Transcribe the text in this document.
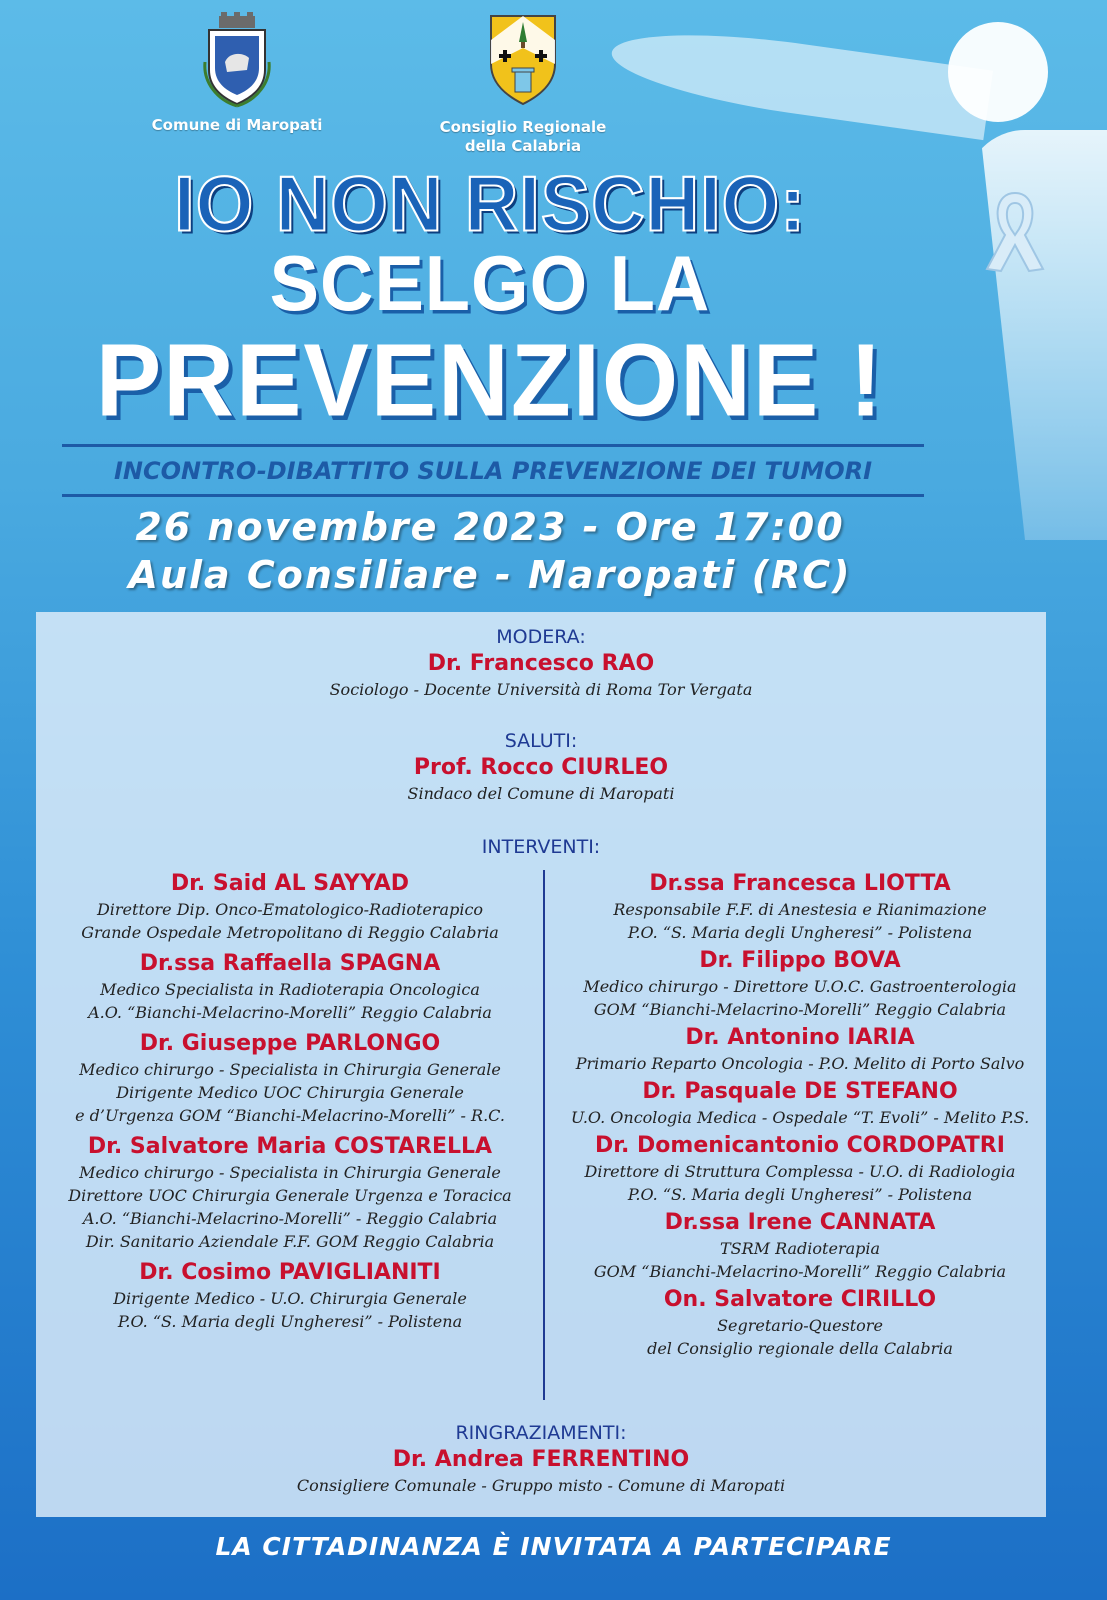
Comune di Maropati	Consiglio Regionale
della Calabria
IO NON RISCHIO:
SCELGO LA
PREVENZIONE !
INCONTRO-DIBATTITO SULLA PREVENZIONE DEI TUMORI
26 novembre 2023 - Ore 17:00
Aula Consiliare - Maropati (RC)
MODERA:
Dr. Francesco RAO
Sociologo - Docente Università di Roma Tor Vergata
SALUTI:
Prof. Rocco CIURLEO
Sindaco del Comune di Maropati
INTERVENTI:
Dr. Said AL SAYYAD
Direttore Dip. Onco-Ematologico-Radioterapico
Grande Ospedale Metropolitano di Reggio Calabria
Dr.ssa Raffaella SPAGNA
Medico Specialista in Radioterapia Oncologica
A.O. “Bianchi-Melacrino-Morelli” Reggio Calabria
Dr. Giuseppe PARLONGO
Medico chirurgo - Specialista in Chirurgia Generale
Dirigente Medico UOC Chirurgia Generale
e d’Urgenza GOM “Bianchi-Melacrino-Morelli” - R.C.
Dr. Salvatore Maria COSTARELLA
Medico chirurgo - Specialista in Chirurgia Generale
Direttore UOC Chirurgia Generale Urgenza e Toracica
A.O. “Bianchi-Melacrino-Morelli” - Reggio Calabria
Dir. Sanitario Aziendale F.F. GOM Reggio Calabria
Dr. Cosimo PAVIGLIANITI
Dirigente Medico - U.O. Chirurgia Generale
P.O. “S. Maria degli Ungheresi” - Polistena
Dr.ssa Francesca LIOTTA
Responsabile F.F. di Anestesia e Rianimazione
P.O. “S. Maria degli Ungheresi” - Polistena
Dr. Filippo BOVA
Medico chirurgo - Direttore U.O.C. Gastroenterologia
GOM “Bianchi-Melacrino-Morelli” Reggio Calabria
Dr. Antonino IARIA
Primario Reparto Oncologia - P.O. Melito di Porto Salvo
Dr. Pasquale DE STEFANO
U.O. Oncologia Medica - Ospedale “T. Evoli” - Melito P.S.
Dr. Domenicantonio CORDOPATRI
Direttore di Struttura Complessa - U.O. di Radiologia
P.O. “S. Maria degli Ungheresi” - Polistena
Dr.ssa Irene CANNATA
TSRM Radioterapia
GOM “Bianchi-Melacrino-Morelli” Reggio Calabria
On. Salvatore CIRILLO
Segretario-Questore
del Consiglio regionale della Calabria
RINGRAZIAMENTI:
Dr. Andrea FERRENTINO
Consigliere Comunale - Gruppo misto - Comune di Maropati
LA CITTADINANZA È INVITATA A PARTECIPARE
